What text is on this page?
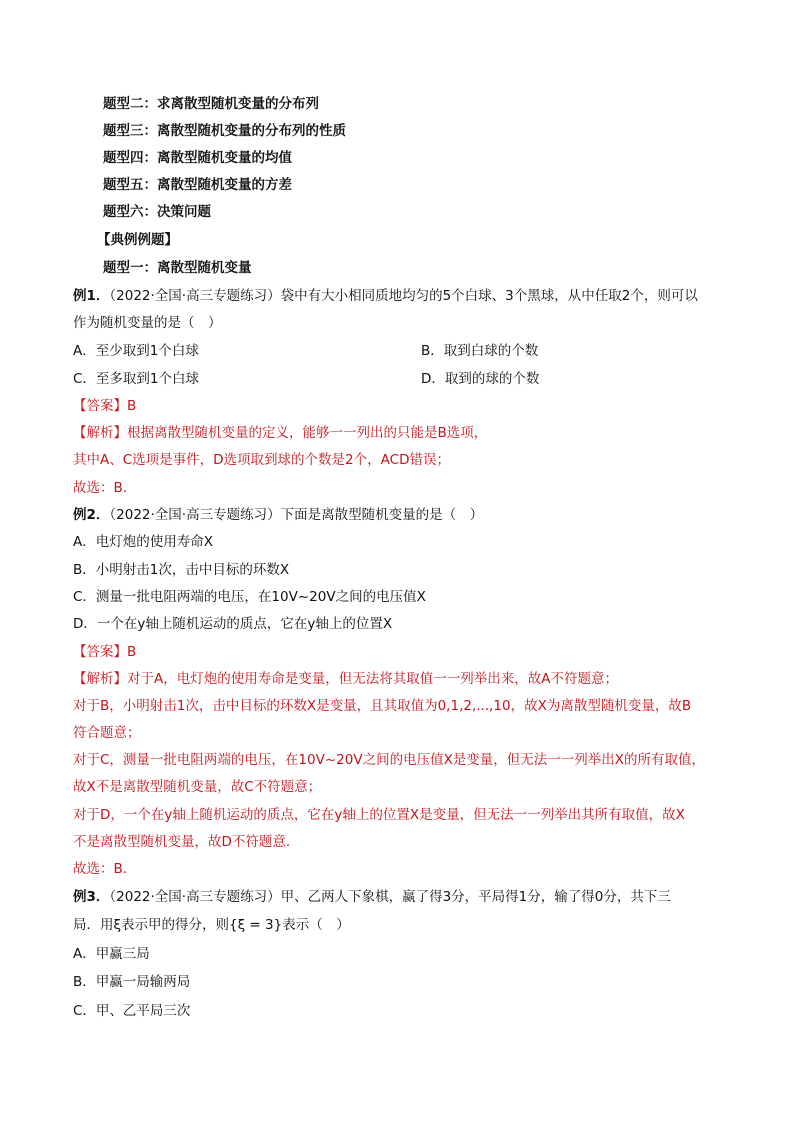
题型二：求离散型随机变量的分布列
题型三：离散型随机变量的分布列的性质
题型四：离散型随机变量的均值
题型五：离散型随机变量的方差
题型六：决策问题
【典例例题】
题型一：离散型随机变量
例1．（2022·全国·高三专题练习）袋中有大小相同质地均匀的5个白球、3个黑球，从中任取2个，则可以
作为随机变量的是（　）
A．至少取到1个白球	B．取到白球的个数
C．至多取到1个白球	D．取到的球的个数
【答案】B
【解析】根据离散型随机变量的定义，能够一一列出的只能是B选项，
其中A、C选项是事件，D选项取到球的个数是2个，ACD错误；
故选：B.
例2．（2022·全国·高三专题练习）下面是离散型随机变量的是（　）
A．电灯炮的使用寿命X
B．小明射击1次，击中目标的环数X
C．测量一批电阻两端的电压，在10V~20V之间的电压值X
D．一个在y轴上随机运动的质点，它在y轴上的位置X
【答案】B
【解析】对于A，电灯炮的使用寿命是变量，但无法将其取值一一列举出来，故A不符题意；
对于B，小明射击1次，击中目标的环数X是变量，且其取值为0,1,2,...,10，故X为离散型随机变量，故B
符合题意；
对于C，测量一批电阻两端的电压，在10V~20V之间的电压值X是变量，但无法一一列举出X的所有取值，
故X不是离散型随机变量，故C不符题意；
对于D，一个在y轴上随机运动的质点，它在y轴上的位置X是变量，但无法一一列举出其所有取值，故X
不是离散型随机变量，故D不符题意.
故选：B.
例3．（2022·全国·高三专题练习）甲、乙两人下象棋，赢了得3分，平局得1分，输了得0分，共下三
局．用ξ表示甲的得分，则{ξ = 3}表示（　）
A．甲赢三局
B．甲赢一局输两局
C．甲、乙平局三次
